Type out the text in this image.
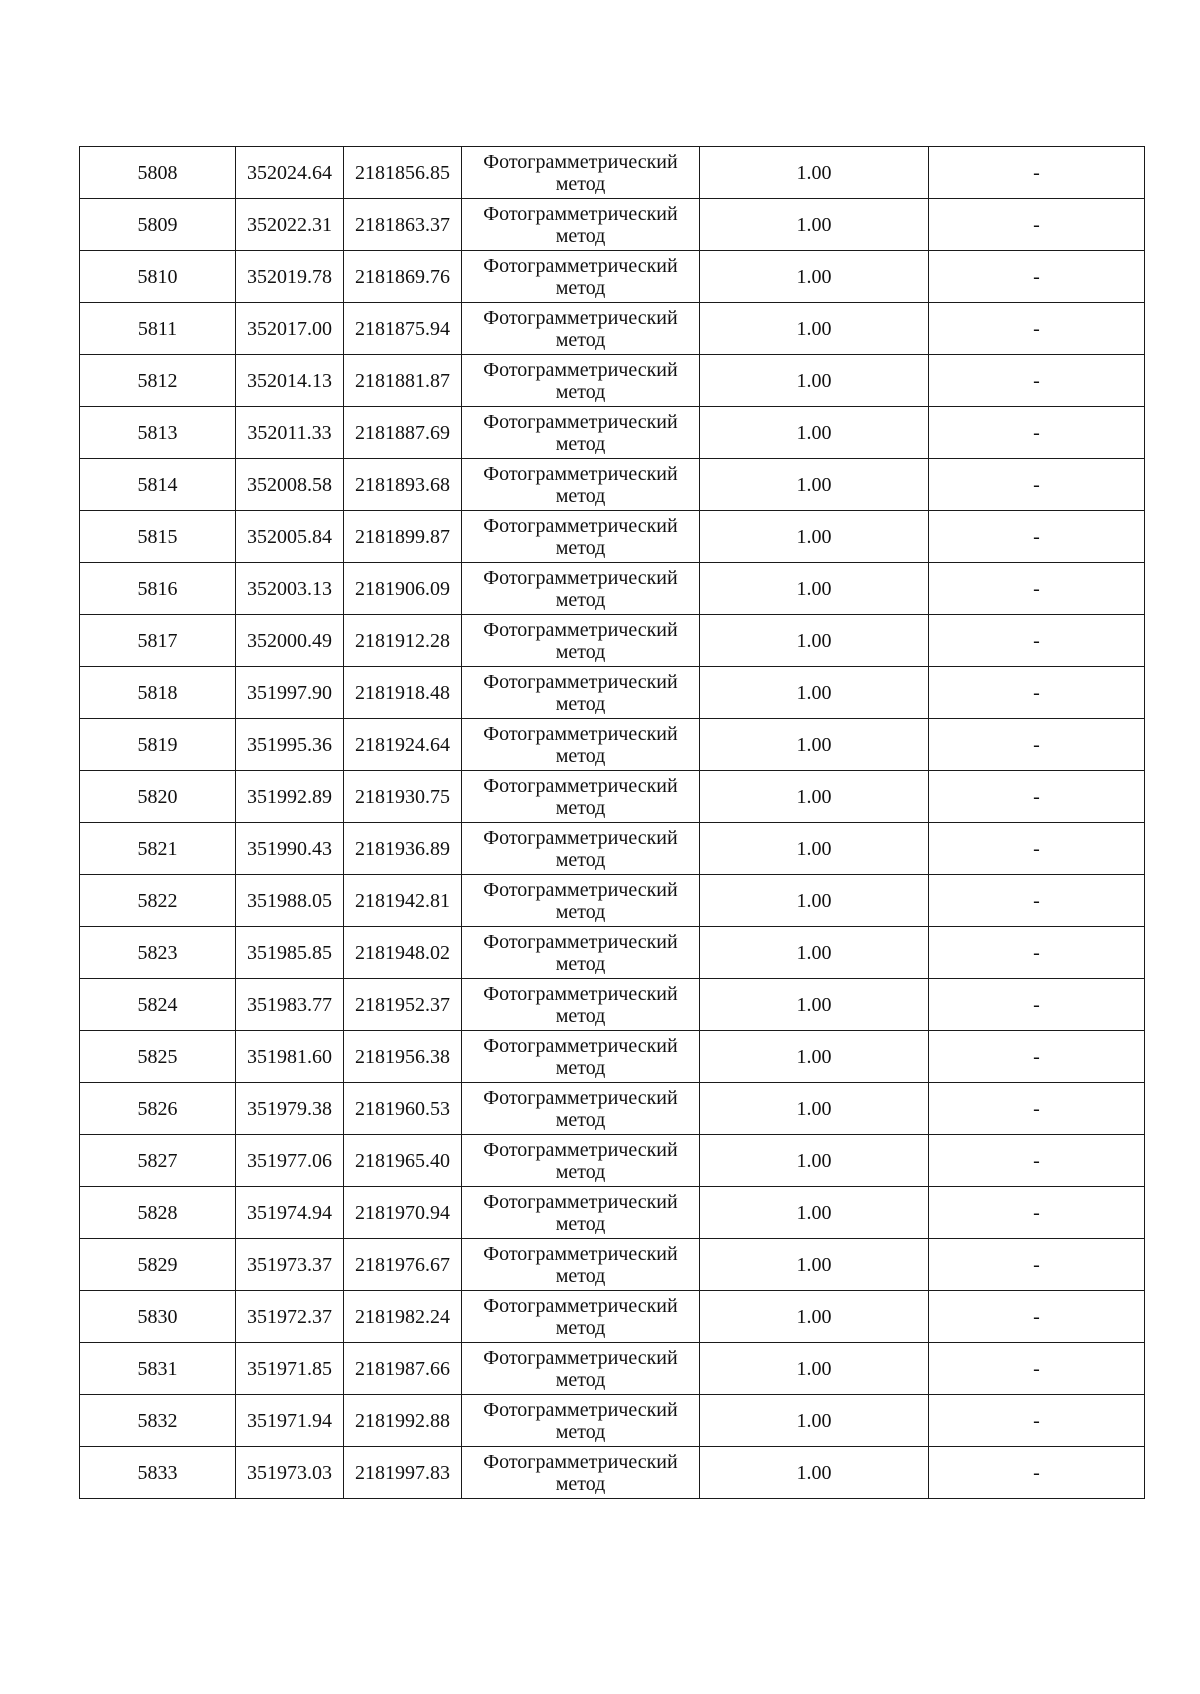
5808	352024.64	2181856.85	Фотограмметрический метод	1.00	-
5809	352022.31	2181863.37	Фотограмметрический метод	1.00	-
5810	352019.78	2181869.76	Фотограмметрический метод	1.00	-
5811	352017.00	2181875.94	Фотограмметрический метод	1.00	-
5812	352014.13	2181881.87	Фотограмметрический метод	1.00	-
5813	352011.33	2181887.69	Фотограмметрический метод	1.00	-
5814	352008.58	2181893.68	Фотограмметрический метод	1.00	-
5815	352005.84	2181899.87	Фотограмметрический метод	1.00	-
5816	352003.13	2181906.09	Фотограмметрический метод	1.00	-
5817	352000.49	2181912.28	Фотограмметрический метод	1.00	-
5818	351997.90	2181918.48	Фотограмметрический метод	1.00	-
5819	351995.36	2181924.64	Фотограмметрический метод	1.00	-
5820	351992.89	2181930.75	Фотограмметрический метод	1.00	-
5821	351990.43	2181936.89	Фотограмметрический метод	1.00	-
5822	351988.05	2181942.81	Фотограмметрический метод	1.00	-
5823	351985.85	2181948.02	Фотограмметрический метод	1.00	-
5824	351983.77	2181952.37	Фотограмметрический метод	1.00	-
5825	351981.60	2181956.38	Фотограмметрический метод	1.00	-
5826	351979.38	2181960.53	Фотограмметрический метод	1.00	-
5827	351977.06	2181965.40	Фотограмметрический метод	1.00	-
5828	351974.94	2181970.94	Фотограмметрический метод	1.00	-
5829	351973.37	2181976.67	Фотограмметрический метод	1.00	-
5830	351972.37	2181982.24	Фотограмметрический метод	1.00	-
5831	351971.85	2181987.66	Фотограмметрический метод	1.00	-
5832	351971.94	2181992.88	Фотограмметрический метод	1.00	-
5833	351973.03	2181997.83	Фотограмметрический метод	1.00	-
